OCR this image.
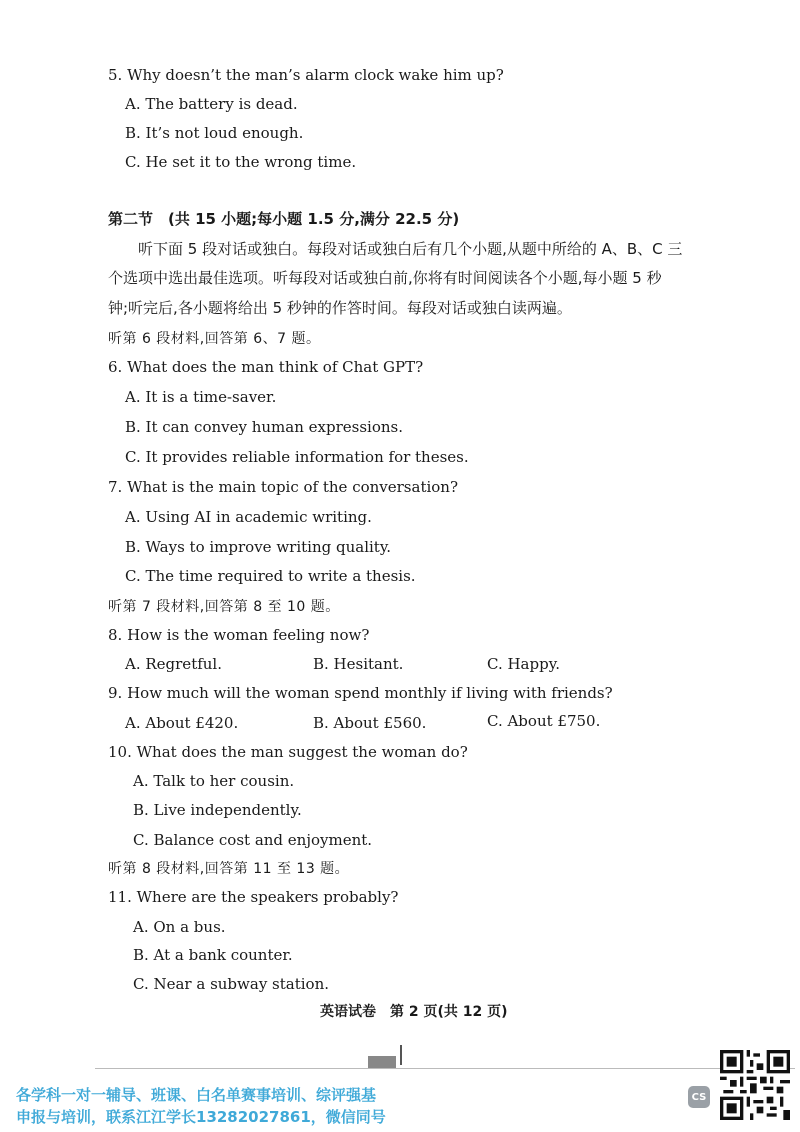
5. Why doesn’t the man’s alarm clock wake him up?
A. The battery is dead.
B. It’s not loud enough.
C. He set it to the wrong time.
第二节　(共 15 小题;每小题 1.5 分,满分 22.5 分)
　　听下面 5 段对话或独白。每段对话或独白后有几个小题,从题中所给的 A、B、C 三
个选项中选出最佳选项。听每段对话或独白前,你将有时间阅读各个小题,每小题 5 秒
钟;听完后,各小题将给出 5 秒钟的作答时间。每段对话或独白读两遍。
听第 6 段材料,回答第 6、7 题。
6. What does the man think of Chat GPT?
A. It is a time-saver.
B. It can convey human expressions.
C. It provides reliable information for theses.
7. What is the main topic of the conversation?
A. Using AI in academic writing.
B. Ways to improve writing quality.
C. The time required to write a thesis.
听第 7 段材料,回答第 8 至 10 题。
8. How is the woman feeling now?
A. Regretful.	B. Hesitant.	C. Happy.
9. How much will the woman spend monthly if living with friends?
A. About £420.	B. About £560.	C. About £750.
10. What does the man suggest the woman do?
A. Talk to her cousin.
B. Live independently.
C. Balance cost and enjoyment.
听第 8 段材料,回答第 11 至 13 题。
11. Where are the speakers probably?
A. On a bus.
B. At a bank counter.
C. Near a subway station.
英语试卷　第 2 页(共 12 页)
各学科一对一辅导、班课、白名单赛事培训、综评强基
申报与培训，联系江江学长13282027861，微信同号
CS
